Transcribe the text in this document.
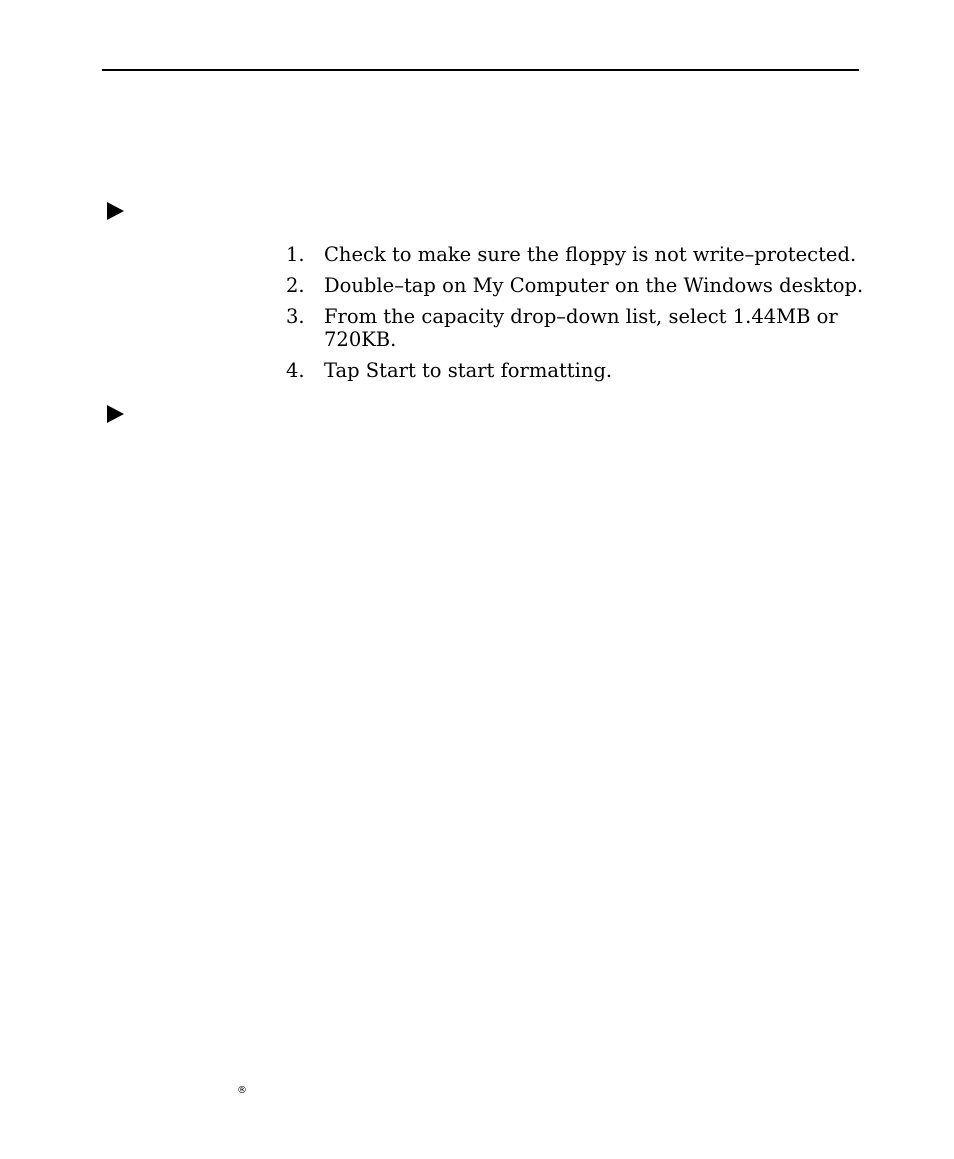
1. Check to make sure the floppy is not write–protected.
2. Double–tap on My Computer on the Windows desktop.
3. From the capacity drop–down list, select 1.44MB or 720KB.
4. Tap Start to start formatting.
®
